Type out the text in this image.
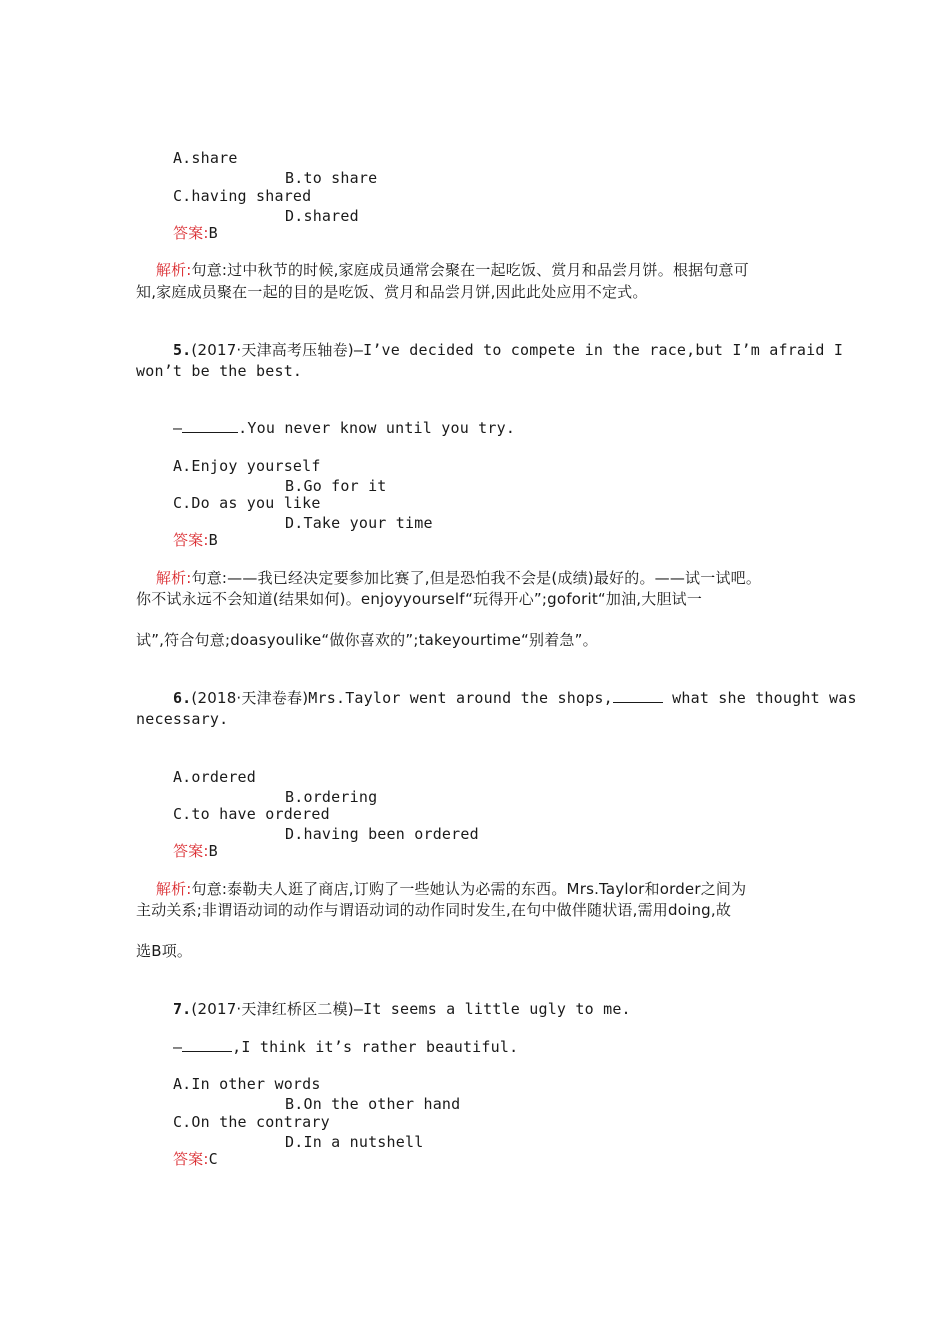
A.share

B.to share

C.having shared

D.shared

答案:B

解析:句意:过中秋节的时候,家庭成员通常会聚在一起吃饭、赏月和品尝月饼。根据句意可

知,家庭成员聚在一起的目的是吃饭、赏月和品尝月饼,因此此处应用不定式。

5.(2017·天津高考压轴卷)—I’ve decided to compete in the race,but I’m afraid I

won’t be the best.

—	.You never know until you try.

A.Enjoy yourself

B.Go for it

C.Do as you like

D.Take your time

答案:B

解析:句意:——我已经决定要参加比赛了,但是恐怕我不会是(成绩)最好的。——试一试吧。

你不试永远不会知道(结果如何)。enjoyyourself“玩得开心”;goforit“加油,大胆试一
试”,符合句意;doasyoulike“做你喜欢的”;takeyourtime“别着急”。

6.(2018·天津卷春)Mrs.Taylor went around the shops,	what she thought was

necessary.

A.ordered

B.ordering

C.to have ordered

D.having been ordered

答案:B

解析:句意:泰勒夫人逛了商店,订购了一些她认为必需的东西。Mrs.Taylor和order之间为

主动关系;非谓语动词的动作与谓语动词的动作同时发生,在句中做伴随状语,需用doing,故
选B项。

7.(2017·天津红桥区二模)—It seems a little ugly to me.

—	,I think it’s rather beautiful.

A.In other words

B.On the other hand

C.On the contrary

D.In a nutshell

答案:C
